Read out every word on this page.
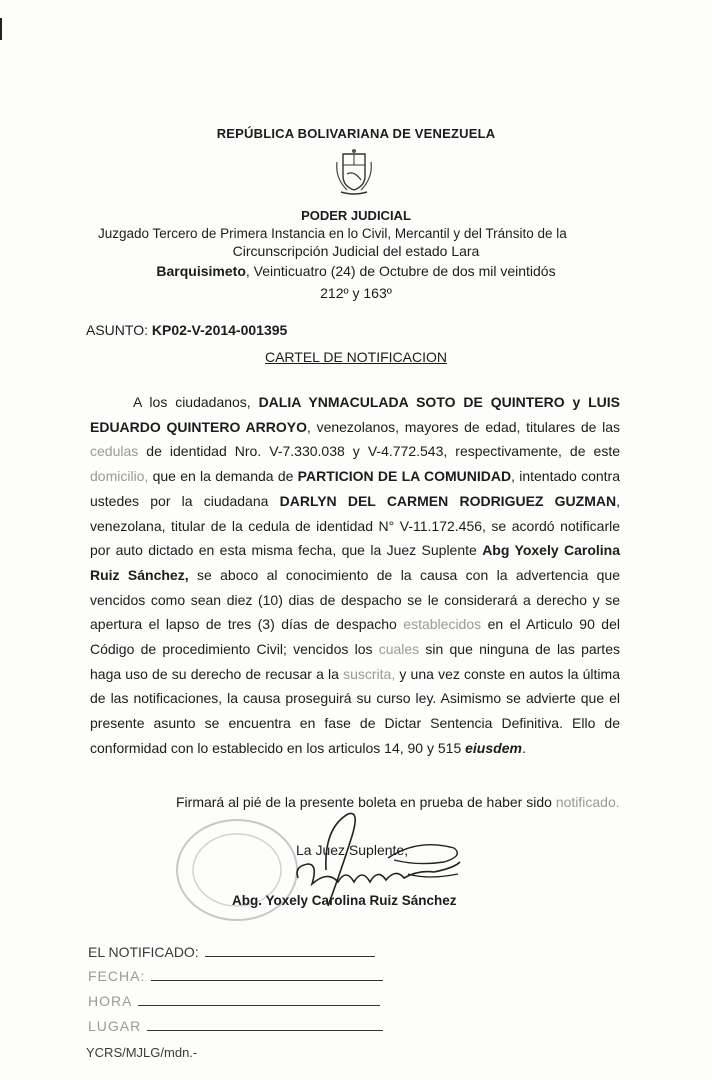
REPÚBLICA BOLIVARIANA DE VENEZUELA
PODER JUDICIAL
Juzgado Tercero de Primera Instancia en lo Civil, Mercantil y del Tránsito de la
Circunscripción Judicial del estado Lara
Barquisimeto, Veinticuatro (24) de Octubre de dos mil veintidós
212º y 163º
ASUNTO: KP02-V-2014-001395
CARTEL DE NOTIFICACION
A los ciudadanos, DALIA YNMACULADA SOTO DE QUINTERO y LUIS EDUARDO QUINTERO ARROYO, venezolanos, mayores de edad, titulares de las cedulas de identidad Nro. V-7.330.038 y V-4.772.543, respectivamente, de este domicilio, que en la demanda de PARTICION DE LA COMUNIDAD, intentado contra ustedes por la ciudadana DARLYN DEL CARMEN RODRIGUEZ GUZMAN, venezolana, titular de la cedula de identidad N° V-11.172.456, se acordó notificarle por auto dictado en esta misma fecha, que la Juez Suplente Abg Yoxely Carolina Ruiz Sánchez, se aboco al conocimiento de la causa con la advertencia que vencidos como sean diez (10) dias de despacho se le considerará a derecho y se apertura el lapso de tres (3) días de despacho establecidos en el Articulo 90 del Código de procedimiento Civil; vencidos los cuales sin que ninguna de las partes haga uso de su derecho de recusar a la suscrita, y una vez conste en autos la última de las notificaciones, la causa proseguirá su curso ley. Asimismo se advierte que el presente asunto se encuentra en fase de Dictar Sentencia Definitiva. Ello de conformidad con lo establecido en los articulos 14, 90 y 515 eiusdem.
Firmará al pié de la presente boleta en prueba de haber sido notificado.
La Juez Suplente,
Abg. Yoxely Carolina Ruiz Sánchez
EL NOTIFICADO:
FECHA:
HORA
LUGAR
YCRS/MJLG/mdn.-
